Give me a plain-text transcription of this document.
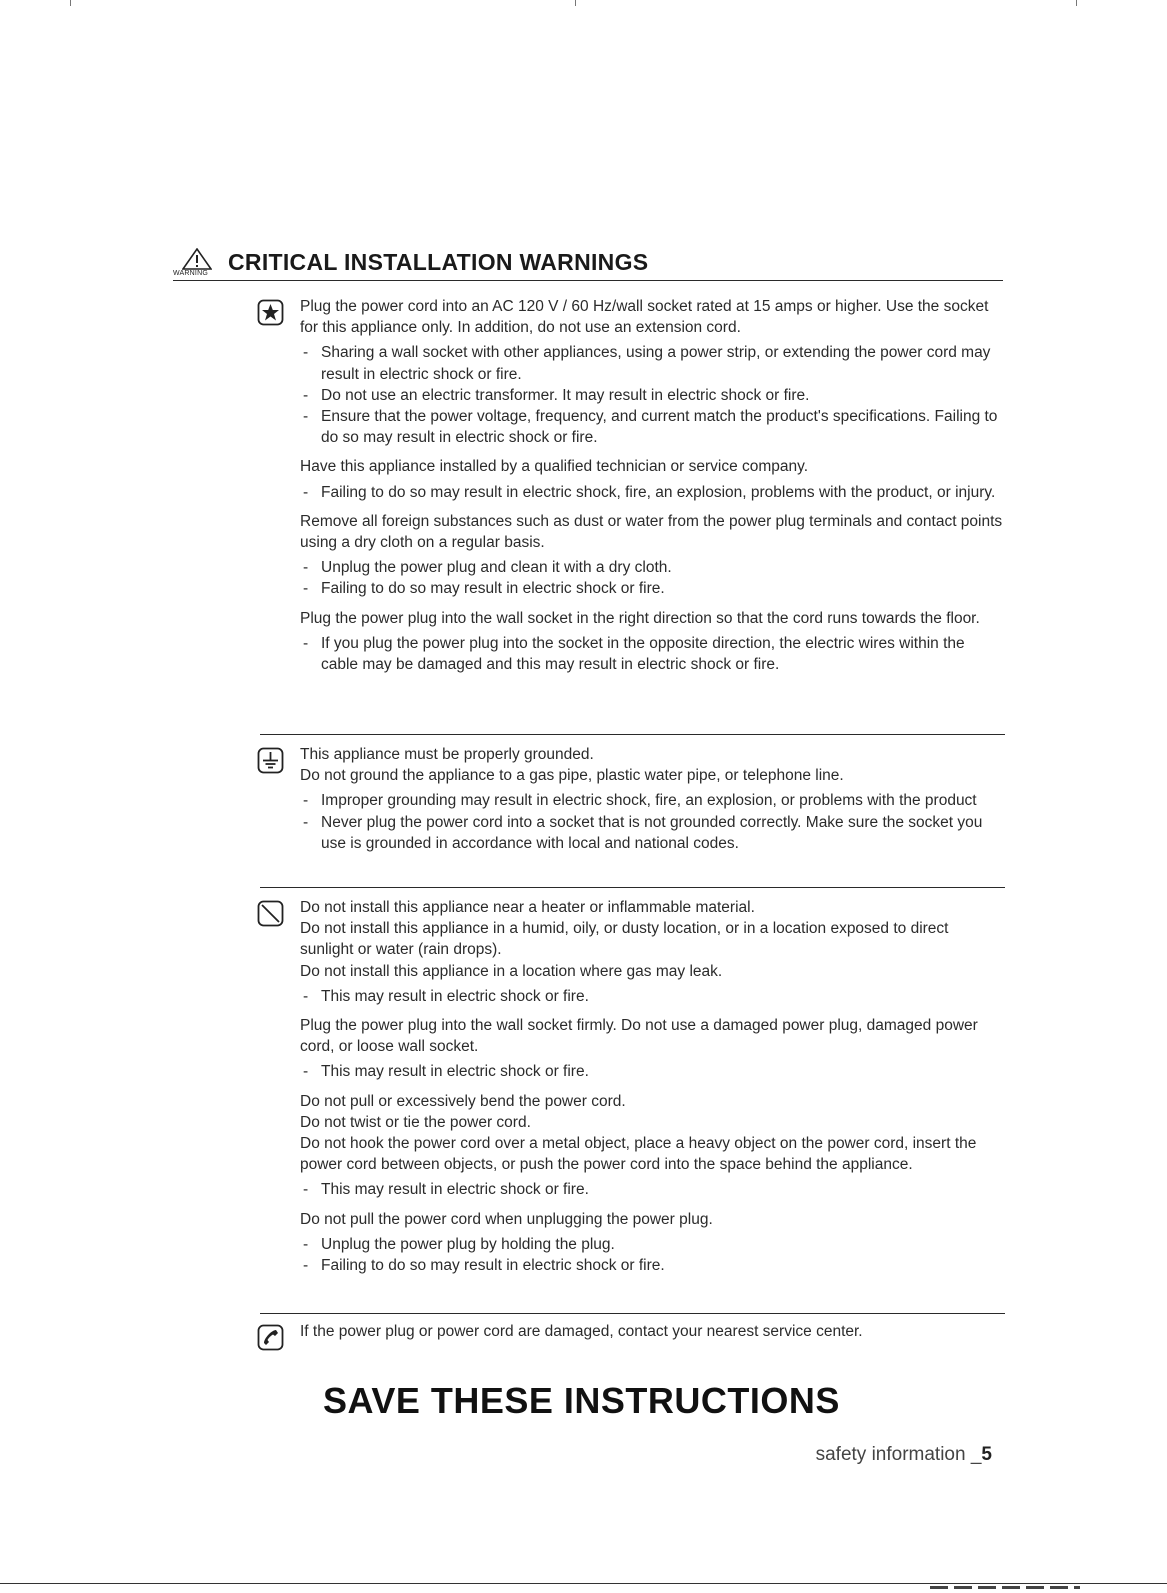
WARNING CRITICAL INSTALLATION WARNINGS

Plug the power cord into an AC 120 V / 60 Hz/wall socket rated at 15 amps or higher. Use the socket for this appliance only. In addition, do not use an extension cord.

- Sharing a wall socket with other appliances, using a power strip, or extending the power cord may result in electric shock or fire.
- Do not use an electric transformer. It may result in electric shock or fire.
- Ensure that the power voltage, frequency, and current match the product's specifications. Failing to do so may result in electric shock or fire.

Have this appliance installed by a qualified technician or service company.

- Failing to do so may result in electric shock, fire, an explosion, problems with the product, or injury.

Remove all foreign substances such as dust or water from the power plug terminals and contact points using a dry cloth on a regular basis.

- Unplug the power plug and clean it with a dry cloth.
- Failing to do so may result in electric shock or fire.

Plug the power plug into the wall socket in the right direction so that the cord runs towards the floor.

- If you plug the power plug into the socket in the opposite direction, the electric wires within the cable may be damaged and this may result in electric shock or fire.

This appliance must be properly grounded.

Do not ground the appliance to a gas pipe, plastic water pipe, or telephone line.

- Improper grounding may result in electric shock, fire, an explosion, or problems with the product
- Never plug the power cord into a socket that is not grounded correctly. Make sure the socket you use is grounded in accordance with local and national codes.

Do not install this appliance near a heater or inflammable material.

Do not install this appliance in a humid, oily, or dusty location, or in a location exposed to direct sunlight or water (rain drops).

Do not install this appliance in a location where gas may leak.

- This may result in electric shock or fire.

Plug the power plug into the wall socket firmly. Do not use a damaged power plug, damaged power cord, or loose wall socket.

- This may result in electric shock or fire.

Do not pull or excessively bend the power cord.

Do not twist or tie the power cord.

Do not hook the power cord over a metal object, place a heavy object on the power cord, insert the power cord between objects, or push the power cord into the space behind the appliance.

- This may result in electric shock or fire.

Do not pull the power cord when unplugging the power plug.

- Unplug the power plug by holding the plug.
- Failing to do so may result in electric shock or fire.

If the power plug or power cord are damaged, contact your nearest service center.

SAVE THESE INSTRUCTIONS
safety information _5
